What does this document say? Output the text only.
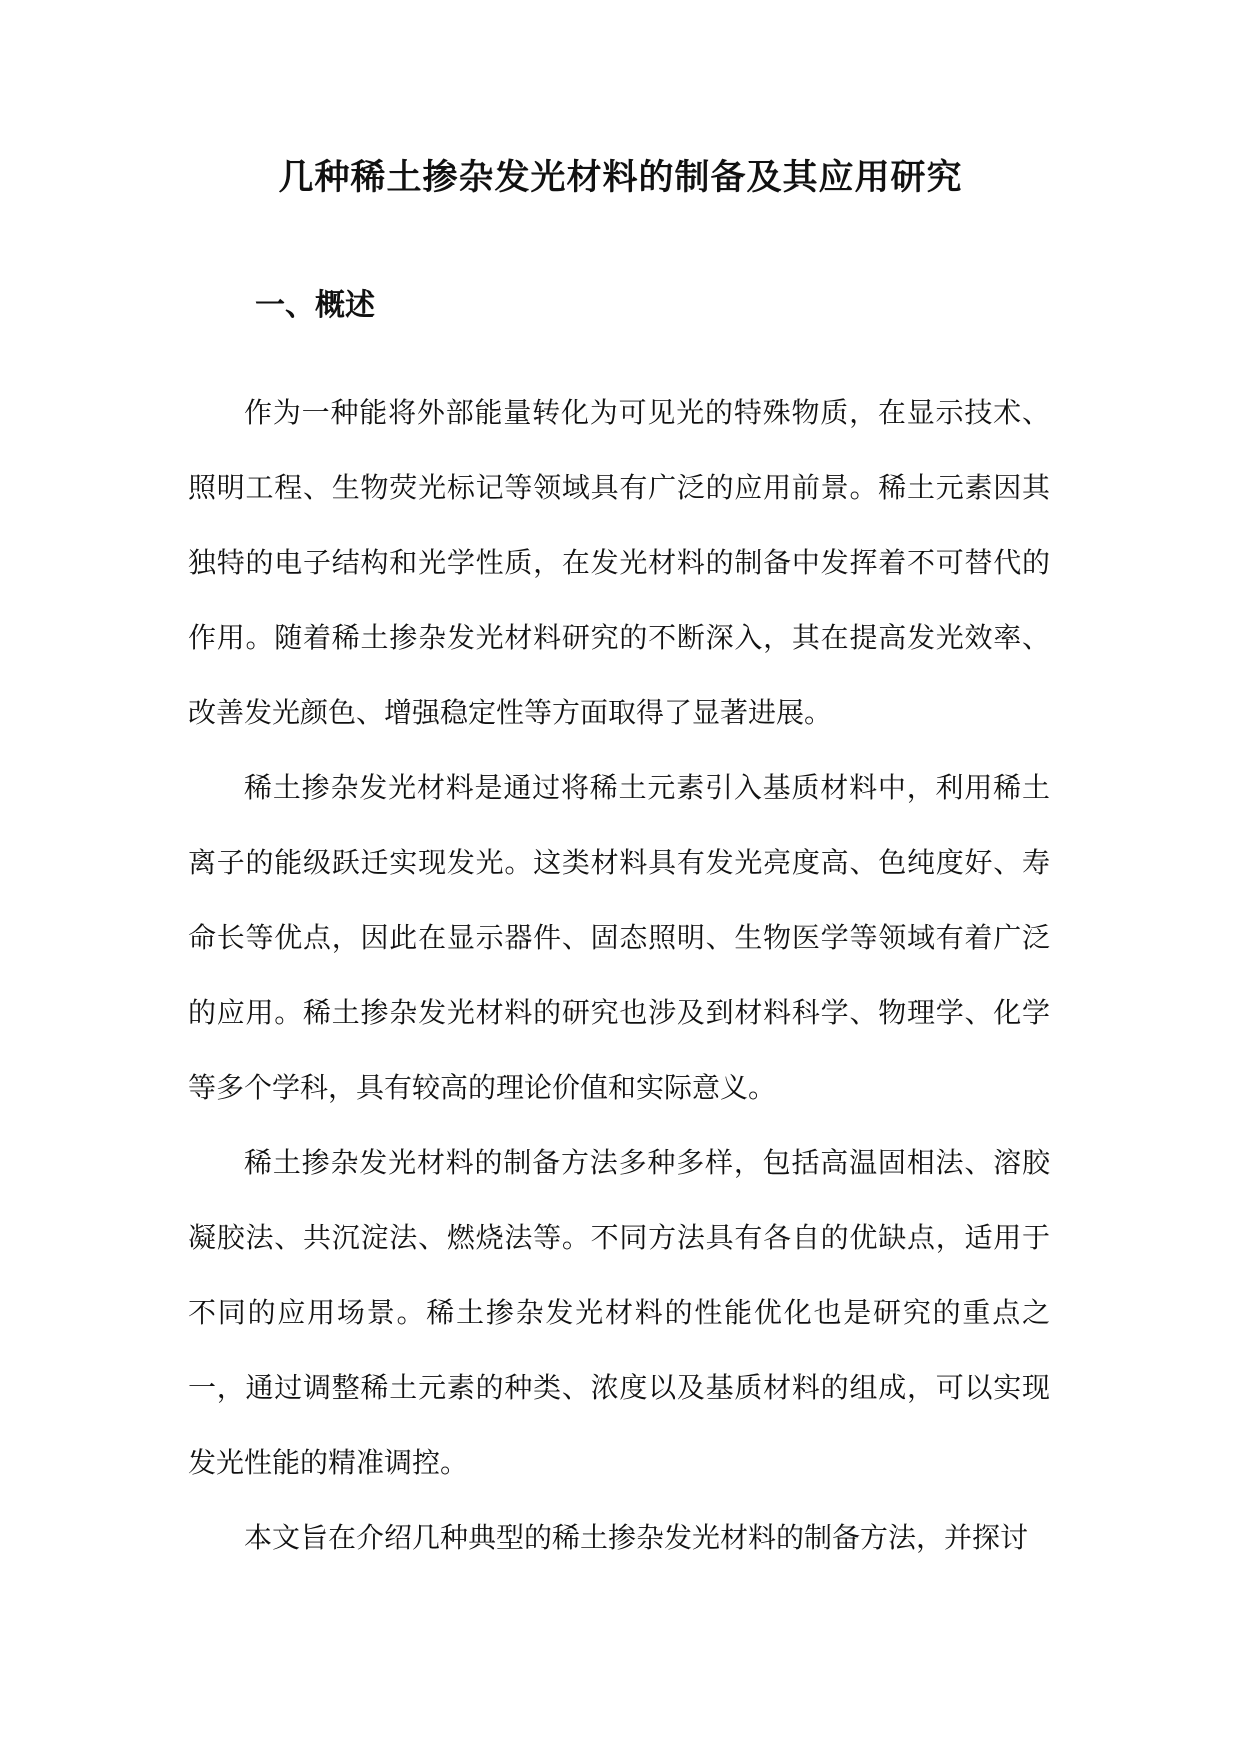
几种稀土掺杂发光材料的制备及其应用研究
一、概述

作为一种能将外部能量转化为可见光的特殊物质，在显示技术、照明工程、生物荧光标记等领域具有广泛的应用前景。稀土元素因其独特的电子结构和光学性质，在发光材料的制备中发挥着不可替代的作用。随着稀土掺杂发光材料研究的不断深入，其在提高发光效率、改善发光颜色、增强稳定性等方面取得了显著进展。

稀土掺杂发光材料是通过将稀土元素引入基质材料中，利用稀土离子的能级跃迁实现发光。这类材料具有发光亮度高、色纯度好、寿命长等优点，因此在显示器件、固态照明、生物医学等领域有着广泛的应用。稀土掺杂发光材料的研究也涉及到材料科学、物理学、化学等多个学科，具有较高的理论价值和实际意义。

稀土掺杂发光材料的制备方法多种多样，包括高温固相法、溶胶凝胶法、共沉淀法、燃烧法等。不同方法具有各自的优缺点，适用于不同的应用场景。稀土掺杂发光材料的性能优化也是研究的重点之一，通过调整稀土元素的种类、浓度以及基质材料的组成，可以实现发光性能的精准调控。

本文旨在介绍几种典型的稀土掺杂发光材料的制备方法，并探讨
